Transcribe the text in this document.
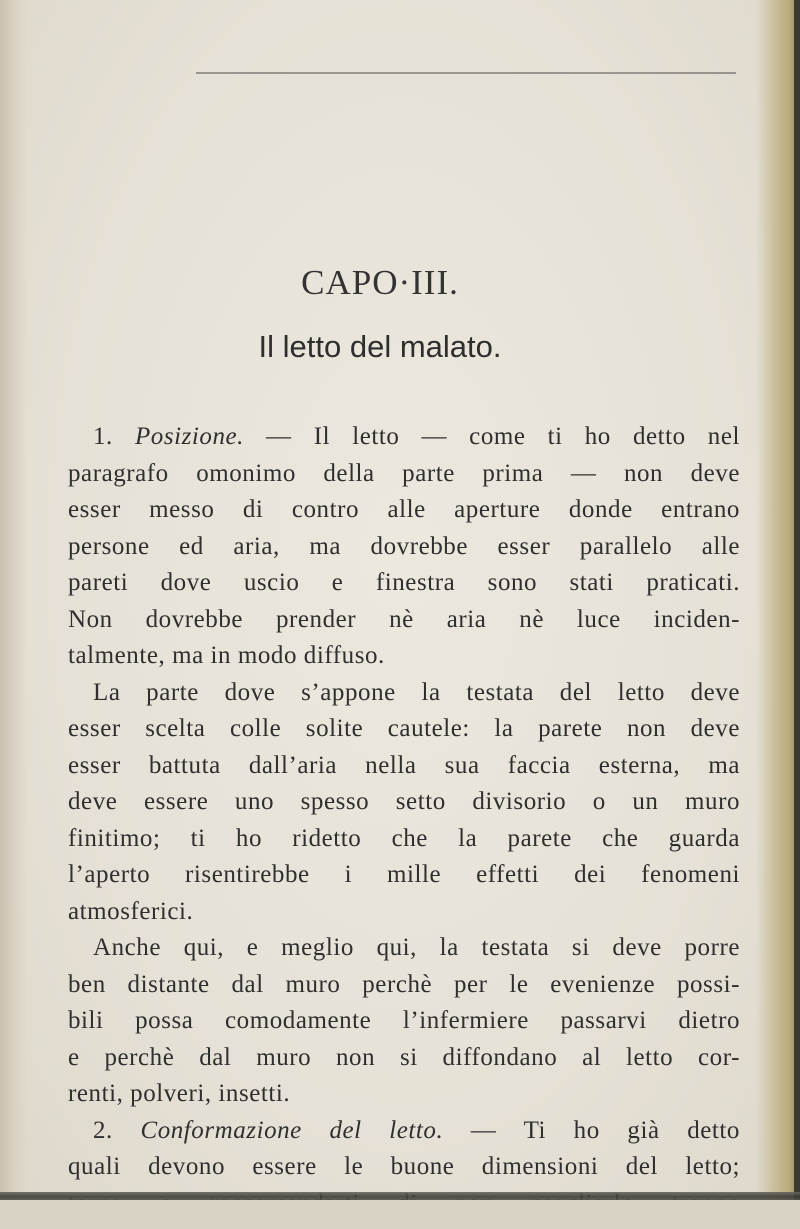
CAPO·III.
Il letto del malato.
1. Posizione. — Il letto — come ti ho detto nel
paragrafo omonimo della parte prima — non deve
esser messo di contro alle aperture donde entrano
persone ed aria, ma dovrebbe esser parallelo alle
pareti dove uscio e finestra sono stati praticati.
Non dovrebbe prender nè aria nè luce inciden-
talmente, ma in modo diffuso.
La parte dove s’appone la testata del letto deve
esser scelta colle solite cautele: la parete non deve
esser battuta dall’aria nella sua faccia esterna, ma
deve essere uno spesso setto divisorio o un muro
finitimo; ti ho ridetto che la parete che guarda
l’aperto risentirebbe i mille effetti dei fenomeni
atmosferici.
Anche qui, e meglio qui, la testata si deve porre
ben distante dal muro perchè per le evenienze possi-
bili possa comodamente l’infermiere passarvi dietro
e perchè dal muro non si diffondano al letto cor-
renti, polveri, insetti.
2. Conformazione del letto. — Ti ho già detto
quali devono essere le buone dimensioni del letto;
